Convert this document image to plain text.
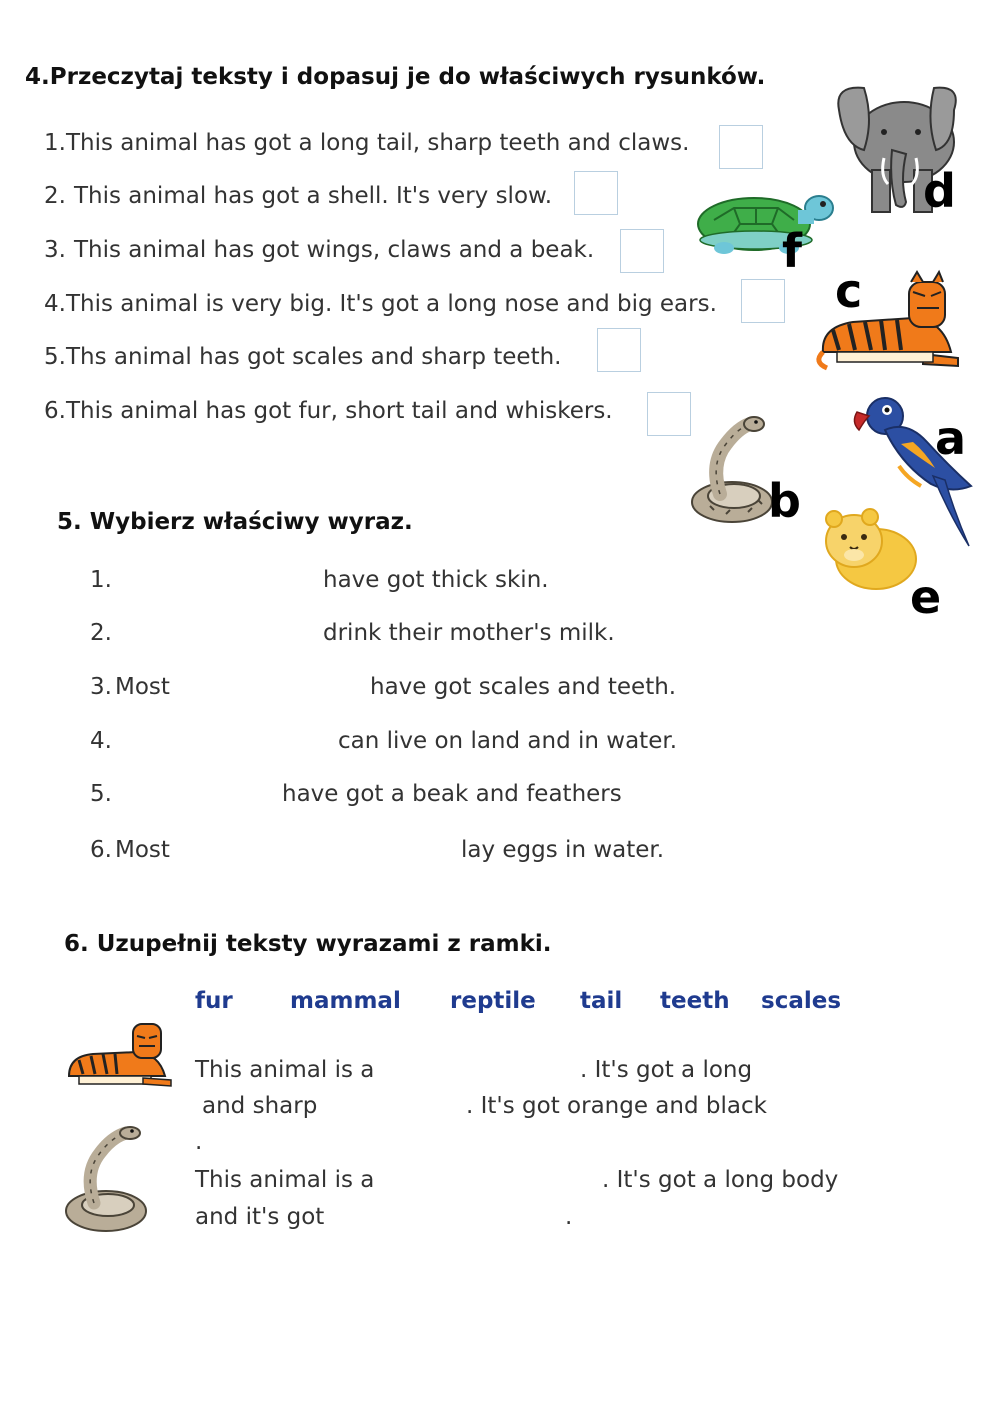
4.Przeczytaj teksty i dopasuj je do właściwych rysunków.
1.This animal has got a long tail, sharp teeth and claws.
2. This animal has got a shell. It's very slow.
3. This animal has got wings, claws and a beak.
4.This animal is very big. It's got a long nose and big ears.
5.Ths animal has got scales and sharp teeth.
6.This animal has got fur, short tail and whiskers.
d
f
c
a
b
e
5. Wybierz właściwy wyraz.
1.	have got thick skin.
2.	drink their mother's milk.
3. Most	have got scales and teeth.
4.	can live on land and in water.
5.	have got a beak and feathers
6. Most	lay eggs in water.
6. Uzupełnij teksty wyrazami z ramki.
fur mammal reptile tail teeth scales
This animal is a	. It's got a long
and sharp	. It's got orange and black
.
This animal is a	. It's got a long body
and it's got	.
